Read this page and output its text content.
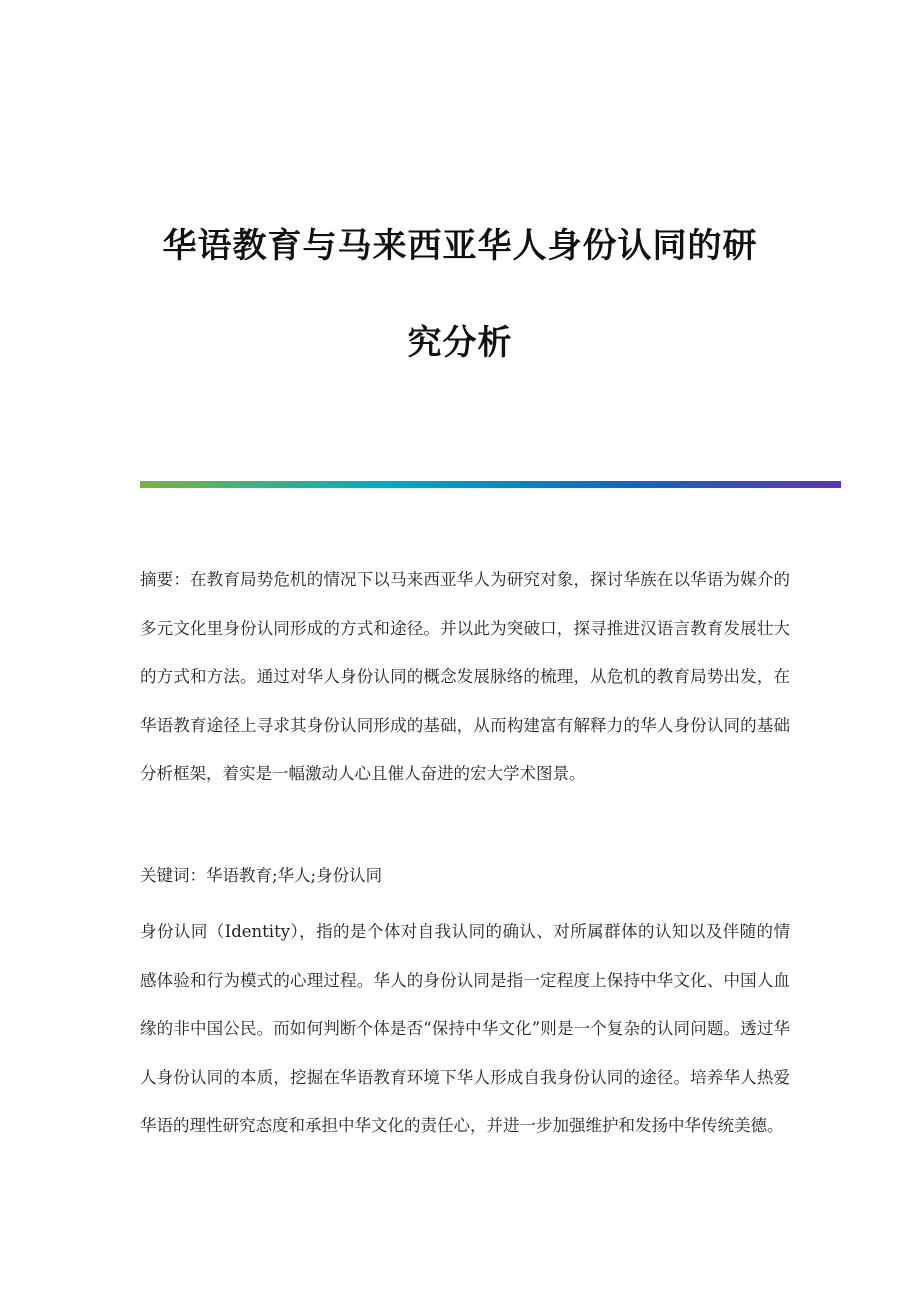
华语教育与马来西亚华人身份认同的研
究分析
摘要：在教育局势危机的情况下以马来西亚华人为研究对象，探讨华族在以华语为媒介的多元文化里身份认同形成的方式和途径。并以此为突破口，探寻推进汉语言教育发展壮大的方式和方法。通过对华人身份认同的概念发展脉络的梳理，从危机的教育局势出发，在华语教育途径上寻求其身份认同形成的基础，从而构建富有解释力的华人身份认同的基础分析框架，着实是一幅激动人心且催人奋进的宏大学术图景。
关键词：华语教育;华人;身份认同
身份认同（Identity），指的是个体对自我认同的确认、对所属群体的认知以及伴随的情感体验和行为模式的心理过程。华人的身份认同是指一定程度上保持中华文化、中国人血缘的非中国公民。而如何判断个体是否“保持中华文化”则是一个复杂的认同问题。透过华人身份认同的本质，挖掘在华语教育环境下华人形成自我身份认同的途径。培养华人热爱华语的理性研究态度和承担中华文化的责任心，并进一步加强维护和发扬中华传统美德。
